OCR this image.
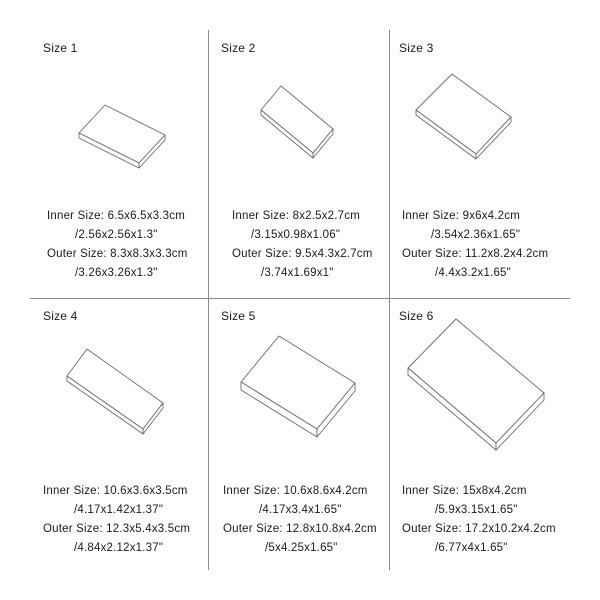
Size 1
Inner Size: 6.5x6.5x3.3cm
/2.56x2.56x1.3"
Outer Size: 8.3x8.3x3.3cm
/3.26x3.26x1.3"
Size 2
Inner Size: 8x2.5x2.7cm
/3.15x0.98x1.06"
Outer Size: 9.5x4.3x2.7cm
/3.74x1.69x1"
Size 3
Inner Size: 9x6x4.2cm
/3.54x2.36x1.65"
Outer Size: 11.2x8.2x4.2cm
/4.4x3.2x1.65"
Size 4
Inner Size: 10.6x3.6x3.5cm
/4.17x1.42x1.37"
Outer Size: 12.3x5.4x3.5cm
/4.84x2.12x1.37"
Size 5
Inner Size: 10.6x8.6x4.2cm
/4.17x3.4x1.65"
Outer Size: 12.8x10.8x4.2cm
/5x4.25x1.65"
Size 6
Inner Size: 15x8x4.2cm
/5.9x3.15x1.65"
Outer Size: 17.2x10.2x4.2cm
/6.77x4x1.65"
